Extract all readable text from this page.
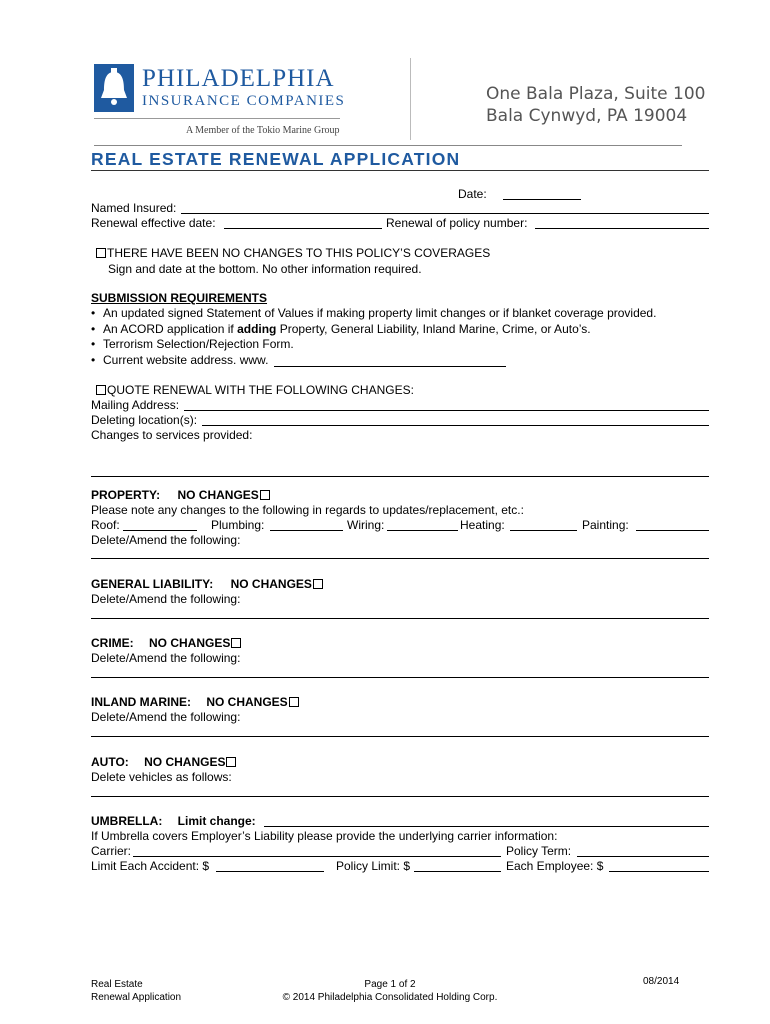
PHILADELPHIA
INSURANCE COMPANIES
A Member of the Tokio Marine Group
One Bala Plaza, Suite 100
Bala Cynwyd, PA 19004
REAL ESTATE RENEWAL APPLICATION
Date:
Named Insured:
Renewal effective date:	Renewal of policy number:
THERE HAVE BEEN NO CHANGES TO THIS POLICY’S COVERAGES
Sign and date at the bottom. No other information required.
SUBMISSION REQUIREMENTS
• An updated signed Statement of Values if making property limit changes or if blanket coverage provided.
• An ACORD application if adding Property, General Liability, Inland Marine, Crime, or Auto’s.
• Terrorism Selection/Rejection Form.
• Current website address. www.
QUOTE RENEWAL WITH THE FOLLOWING CHANGES:
Mailing Address:
Deleting location(s):
Changes to services provided:
PROPERTY: NO CHANGES
Please note any changes to the following in regards to updates/replacement, etc.:
Roof:	Plumbing:	Wiring:	Heating:	Painting:
Delete/Amend the following:
GENERAL LIABILITY: NO CHANGES
Delete/Amend the following:
CRIME: NO CHANGES
Delete/Amend the following:
INLAND MARINE: NO CHANGES
Delete/Amend the following:
AUTO: NO CHANGES
Delete vehicles as follows:
UMBRELLA: Limit change:
If Umbrella covers Employer’s Liability please provide the underlying carrier information:
Carrier:	Policy Term:
Limit Each Accident: $	Policy Limit: $	Each Employee: $
Real Estate
Renewal Application
Page 1 of 2
© 2014 Philadelphia Consolidated Holding Corp.
08/2014
